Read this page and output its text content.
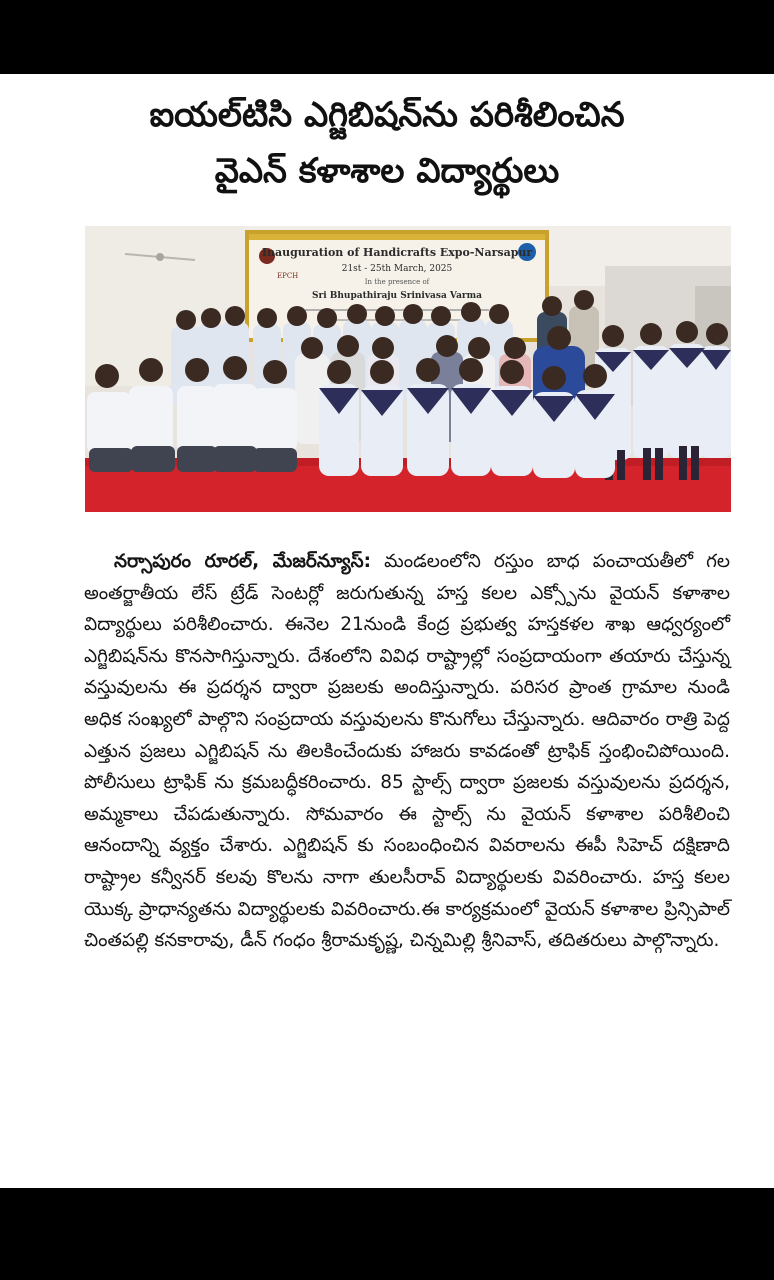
ఐయల్‌టిసి ఎగ్జిబిషన్‌ను పరిశీలించిన
వైఎన్ కళాశాల విద్యార్థులు
EPCH
Inauguration of Handicrafts Expo-Narsapur
21st - 25th March, 2025
In the presence of
Sri Bhupathiraju Srinivasa Varma

నర్సాపురం రూరల్, మేజర్‌న్యూస్: మండలంలోని రస్తుం బాధ పంచాయతీలో గల అంతర్జాతీయ లేస్ ట్రేడ్ సెంటర్లో జరుగుతున్న హస్త కలల ఎక్స్పోను వైయన్ కళాశాల విద్యార్థులు పరిశీలించారు. ఈనెల 21నుండి కేంద్ర ప్రభుత్వ హస్తకళల శాఖ ఆధ్వర్యంలో ఎగ్జిబిషన్‌ను కొనసాగిస్తున్నారు. దేశంలోని వివిధ రాష్ట్రాల్లో సంప్రదాయంగా తయారు చేస్తున్న వస్తువులను ఈ ప్రదర్శన ద్వారా ప్రజలకు అందిస్తున్నారు. పరిసర ప్రాంత గ్రామాల నుండి అధిక సంఖ్యలో పాల్గొని సంప్రదాయ వస్తువులను కొనుగోలు చేస్తున్నారు. ఆదివారం రాత్రి పెద్ద ఎత్తున ప్రజలు ఎగ్జిబిషన్ ను తిలకించేందుకు హాజరు కావడంతో ట్రాఫిక్ స్తంభించిపోయింది. పోలీసులు ట్రాఫిక్ ను క్రమబద్ధీకరించారు. 85 స్టాల్స్ ద్వారా ప్రజలకు వస్తువులను ప్రదర్శన, అమ్మకాలు చేపడుతున్నారు. సోమవారం ఈ స్టాల్స్ ను వైయన్ కళాశాల పరిశీలించి ఆనందాన్ని వ్యక్తం చేశారు. ఎగ్జిబిషన్ కు సంబంధించిన వివరాలను ఈపీ సిహెచ్ దక్షిణాది రాష్ట్రాల కన్వీనర్ కలవు కొలను నాగా తులసీరావ్ విద్యార్థులకు వివరించారు. హస్త కలల యొక్క ప్రాధాన్యతను విద్యార్థులకు వివరించారు.ఈ కార్యక్రమంలో వైయన్ కళాశాల ప్రిన్సిపాల్ చింతపల్లి కనకారావు, డీన్ గంధం శ్రీరామకృష్ణ, చిన్నమిల్లి శ్రీనివాస్, తదితరులు పాల్గొన్నారు.
